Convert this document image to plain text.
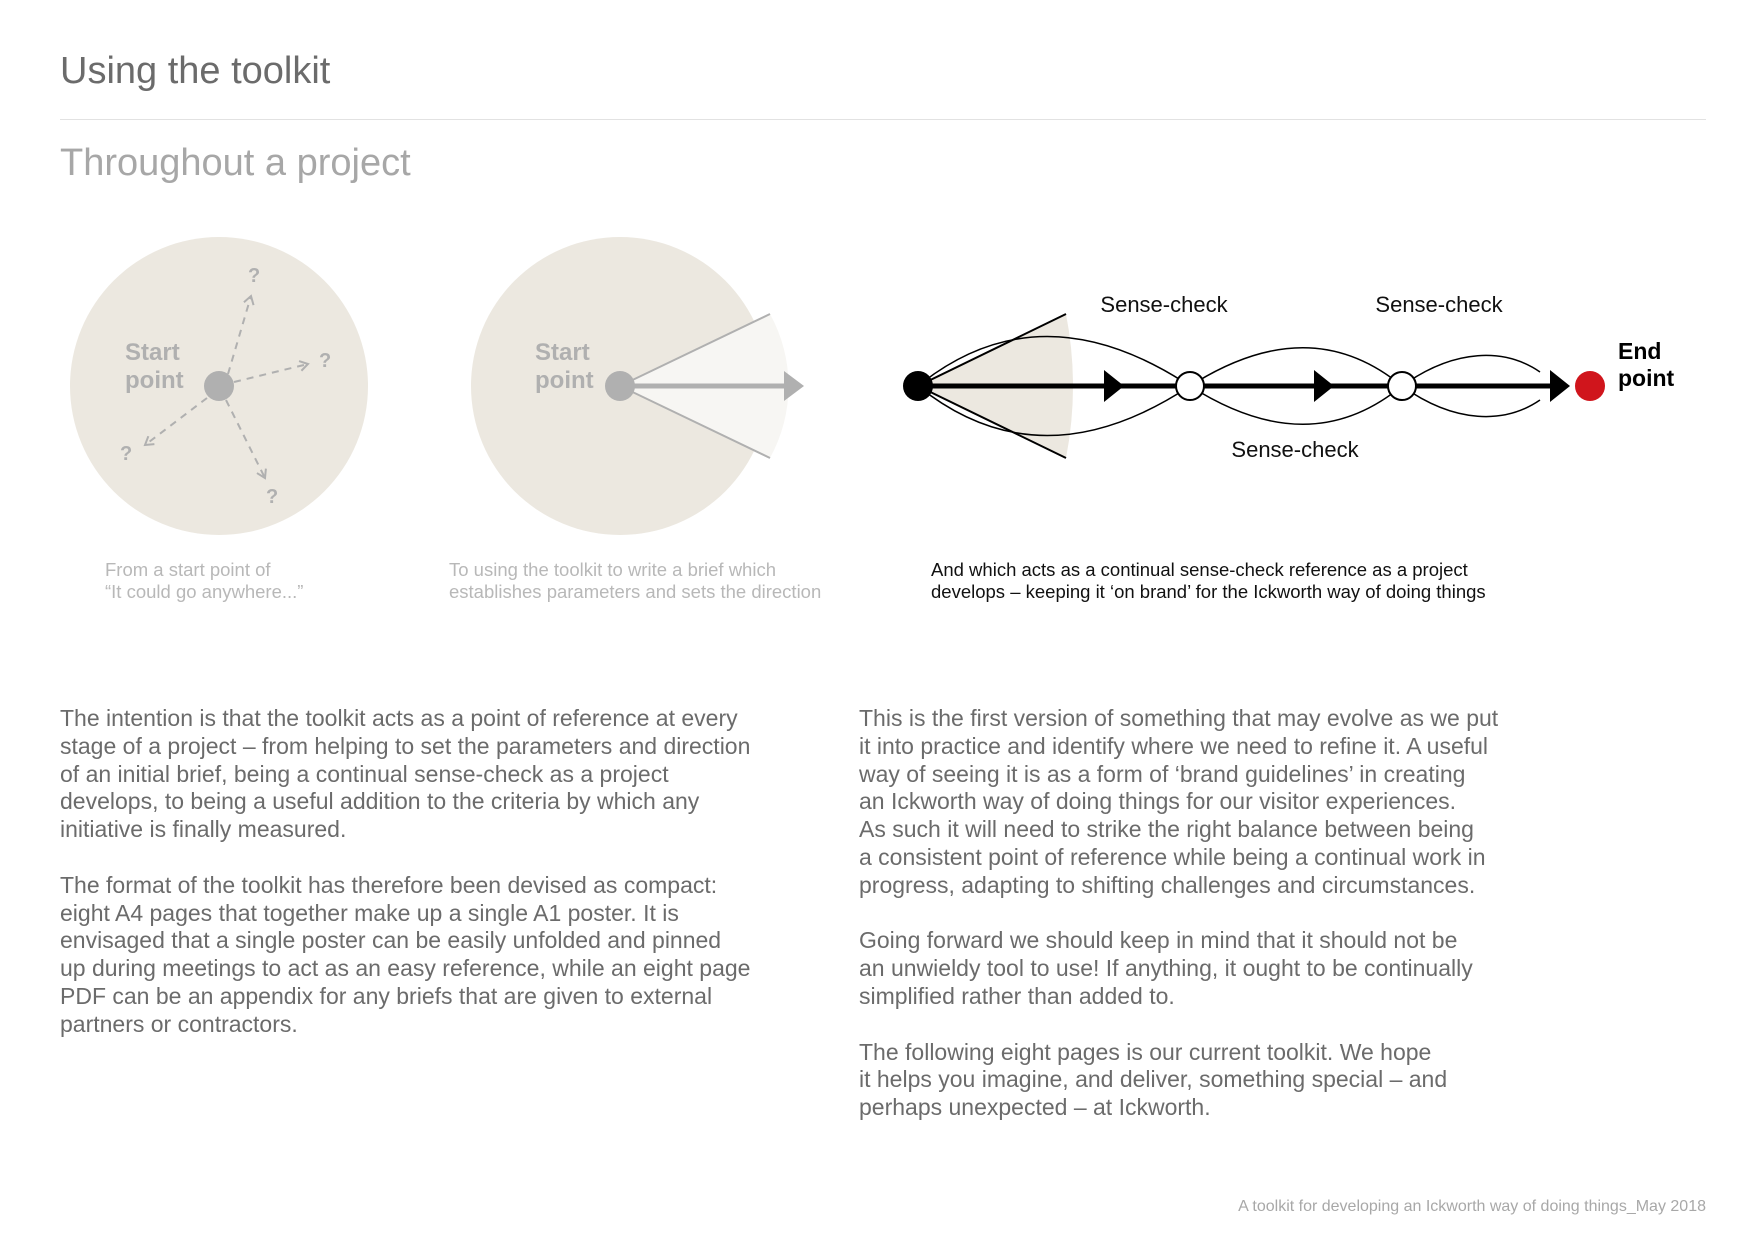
Using the toolkit
Throughout a project
Start
point
?
?
?
?
Start
point
Sense-check	Sense-check
Sense-check
End
point

From a start point of
“It could go anywhere...”

To using the toolkit to write a brief which
establishes parameters and sets the direction

And which acts as a continual sense-check reference as a project
develops – keeping it ‘on brand’ for the Ickworth way of doing things

The intention is that the toolkit acts as a point of reference at every
stage of a project – from helping to set the parameters and direction
of an initial brief, being a continual sense-check as a project
develops, to being a useful addition to the criteria by which any
initiative is finally measured.

The format of the toolkit has therefore been devised as compact:
eight A4 pages that together make up a single A1 poster. It is
envisaged that a single poster can be easily unfolded and pinned
up during meetings to act as an easy reference, while an eight page
PDF can be an appendix for any briefs that are given to external
partners or contractors.

This is the first version of something that may evolve as we put
it into practice and identify where we need to refine it. A useful
way of seeing it is as a form of ‘brand guidelines’ in creating
an Ickworth way of doing things for our visitor experiences.
As such it will need to strike the right balance between being
a consistent point of reference while being a continual work in
progress, adapting to shifting challenges and circumstances.

Going forward we should keep in mind that it should not be
an unwieldy tool to use! If anything, it ought to be continually
simplified rather than added to.

The following eight pages is our current toolkit. We hope
it helps you imagine, and deliver, something special – and
perhaps unexpected – at Ickworth.

A toolkit for developing an Ickworth way of doing things_May 2018
